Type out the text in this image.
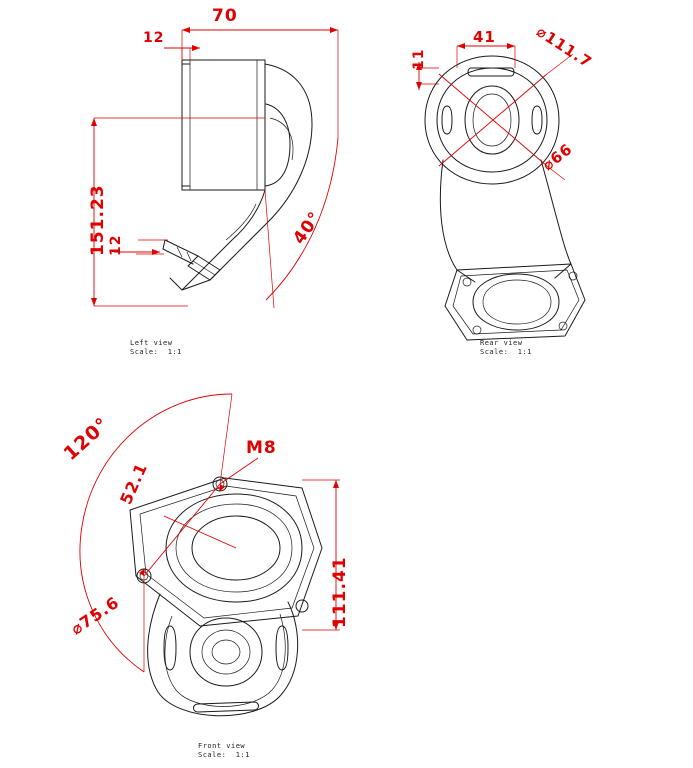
70
12
151.23 12	40°
Left view
Scale:  1:1
41
11	⌀111.7
⌀66
Rear view
Scale:  1:1
120°	M8
52.1
111.41
⌀75.6
Front view
Scale:  1:1
